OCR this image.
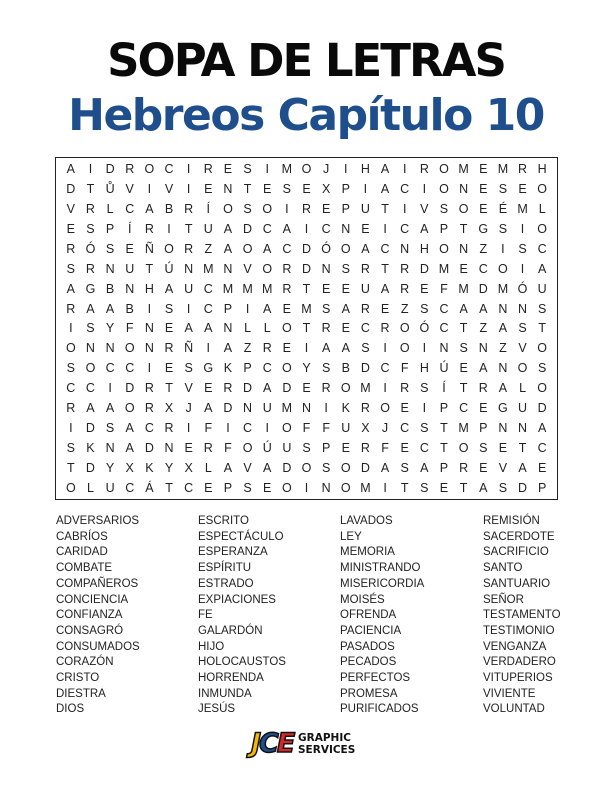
SOPA DE LETRAS
Hebreos Capítulo 10
A	I	D R O C	I	R E S	I	M O J	I	H A	I	R O M E M R H
D T Ů V	I	V	I	E N T E S E X P	I	A C	I	O N E S E O
V R L C A B R	Í	O S O	I	R E P U T	I	V S O E É M L
E S P	Í	R	I	T U A D C A	I	C N E	I	C A P T G S	I	O
R Ó S E Ñ O R Z A O A C D Ó O A C N H O N Z	I	S C
S R N U T Ú N M N V O R D N S R T R D M E C O	I	A
A G B N H A U C M M M R T E E U A R E F M D M Ó U
R A A B	I	S	I	C P	I	A E M S A R E Z S C A A N N S
I	S Y F N E A A N L	L O T R E C R O Ó C T Z A S T
O N N O N R Ñ	I	A Z R E	I	A A S	I	O	I	N S N Z V O
S O C C	I	E S G K P C O Y S B D C F H Ú E A N O S
C C	I	D R T V E R D A D E R O M	I	R S	Í	T R A L O
R A A O R X J A D N U M N	I	K R O E	I	P C E G U D
I	D S A C R	I	F	I	C	I	O F F U X J C S T M P N N A
S K N A D N E R F O Ú U S P E R F E C T O S E T C
T D Y X K Y X L A V A D O S O D A S A P R E V A E
O L U C Á T C E P S E O	I	N O M	I	T S E T A S D P
ADVERSARIOS
CABRÍOS
CARIDAD
COMBATE
COMPAÑEROS
CONCIENCIA
CONFIANZA
CONSAGRÓ
CONSUMADOS
CORAZÓN
CRISTO
DIESTRA
DIOS
ESCRITO
ESPECTÁCULO
ESPERANZA
ESPÍRITU
ESTRADO
EXPIACIONES
FE
GALARDÓN
HIJO
HOLOCAUSTOS
HORRENDA
INMUNDA
JESÚS
LAVADOS
LEY
MEMORIA
MINISTRANDO
MISERICORDIA
MOISÉS
OFRENDA
PACIENCIA
PASADOS
PECADOS
PERFECTOS
PROMESA
PURIFICADOS
REMISIÓN
SACERDOTE
SACRIFICIO
SANTO
SANTUARIO
SEÑOR
TESTAMENTO
TESTIMONIO
VENGANZA
VERDADERO
VITUPERIOS
VIVIENTE
VOLUNTAD
JCE GRAPHIC
SERVICES
